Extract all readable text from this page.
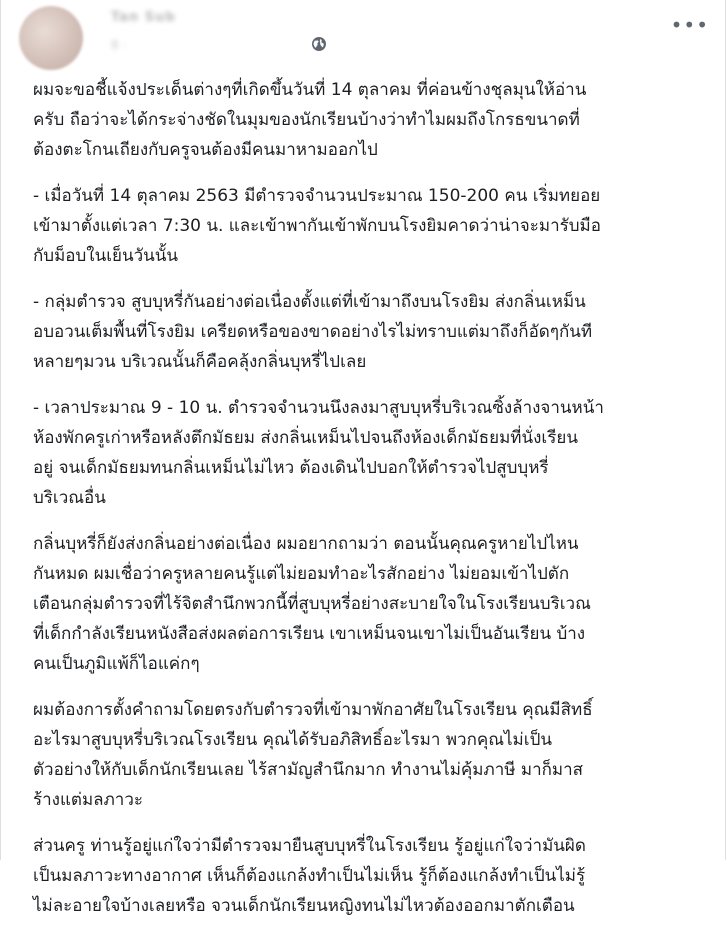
Tan Sub
8 ·
•••

ผมจะขอชี้แจ้งประเด็นต่างๆที่เกิดขึ้นวันที่ 14 ตุลาคม ที่ค่อนข้างชุลมุนให้อ่าน
ครับ ถือว่าจะได้กระจ่างชัดในมุมของนักเรียนบ้างว่าทำไมผมถึงโกรธขนาดที่
ต้องตะโกนเถียงกับครูจนต้องมีคนมาหามออกไป

- เมื่อวันที่ 14 ตุลาคม 2563 มีตำรวจจำนวนประมาณ 150-200 คน เริ่มทยอย
เข้ามาตั้งแต่เวลา 7:30 น. และเข้าพากันเข้าพักบนโรงยิมคาดว่าน่าจะมารับมือ
กับม็อบในเย็นวันนั้น

- กลุ่มตำรวจ สูบบุหรี่กันอย่างต่อเนื่องตั้งแต่ที่เข้ามาถึงบนโรงยิม ส่งกลิ่นเหม็น
อบอวนเต็มพื้นที่โรงยิม เครียดหรือของขาดอย่างไรไม่ทราบแต่มาถึงก็อัดๆกันที
หลายๆมวน บริเวณนั้นก็คือคลุ้งกลิ่นบุหรี่ไปเลย

- เวลาประมาณ 9 - 10 น. ตำรวจจำนวนนึงลงมาสูบบุหรี่บริเวณซิ้งล้างจานหน้า
ห้องพักครูเก่าหรือหลังตึกมัธยม ส่งกลิ่นเหม็นไปจนถึงห้องเด็กมัธยมที่นั่งเรียน
อยู่ จนเด็กมัธยมทนกลิ่นเหม็นไม่ไหว ต้องเดินไปบอกให้ตำรวจไปสูบบุหรี่
บริเวณอื่น

กลิ่นบุหรี่ก็ยังส่งกลิ่นอย่างต่อเนื่อง ผมอยากถามว่า ตอนนั้นคุณครูหายไปไหน
กันหมด ผมเชื่อว่าครูหลายคนรู้แต่ไม่ยอมทำอะไรสักอย่าง ไม่ยอมเข้าไปตัก
เตือนกลุ่มตำรวจที่ไร้จิตสำนึกพวกนี้ที่สูบบุหรี่อย่างสะบายใจในโรงเรียนบริเวณ
ที่เด็กกำลังเรียนหนังสือส่งผลต่อการเรียน เขาเหม็นจนเขาไม่เป็นอันเรียน บ้าง
คนเป็นภูมิแพ้ก็ไอแค่กๆ

ผมต้องการตั้งคำถามโดยตรงกับตำรวจที่เข้ามาพักอาศัยในโรงเรียน คุณมีสิทธิ์
อะไรมาสูบบุหรี่บริเวณโรงเรียน คุณได้รับอภิสิทธิ์อะไรมา พวกคุณไม่เป็น
ตัวอย่างให้กับเด็กนักเรียนเลย ไร้สามัญสำนึกมาก ทำงานไม่คุ้มภาษี มาก็มาส
ร้างแต่มลภาวะ

ส่วนครู ท่านรู้อยู่แก่ใจว่ามีตำรวจมายืนสูบบุหรี่ในโรงเรียน รู้อยู่แก่ใจว่ามันผิด
เป็นมลภาวะทางอากาศ เห็นก็ต้องแกล้งทำเป็นไม่เห็น รู้ก็ต้องแกล้งทำเป็นไม่รู้
ไม่ละอายใจบ้างเลยหรือ จวนเด็กนักเรียนหญิงทนไม่ไหวต้องออกมาตักเตือน
